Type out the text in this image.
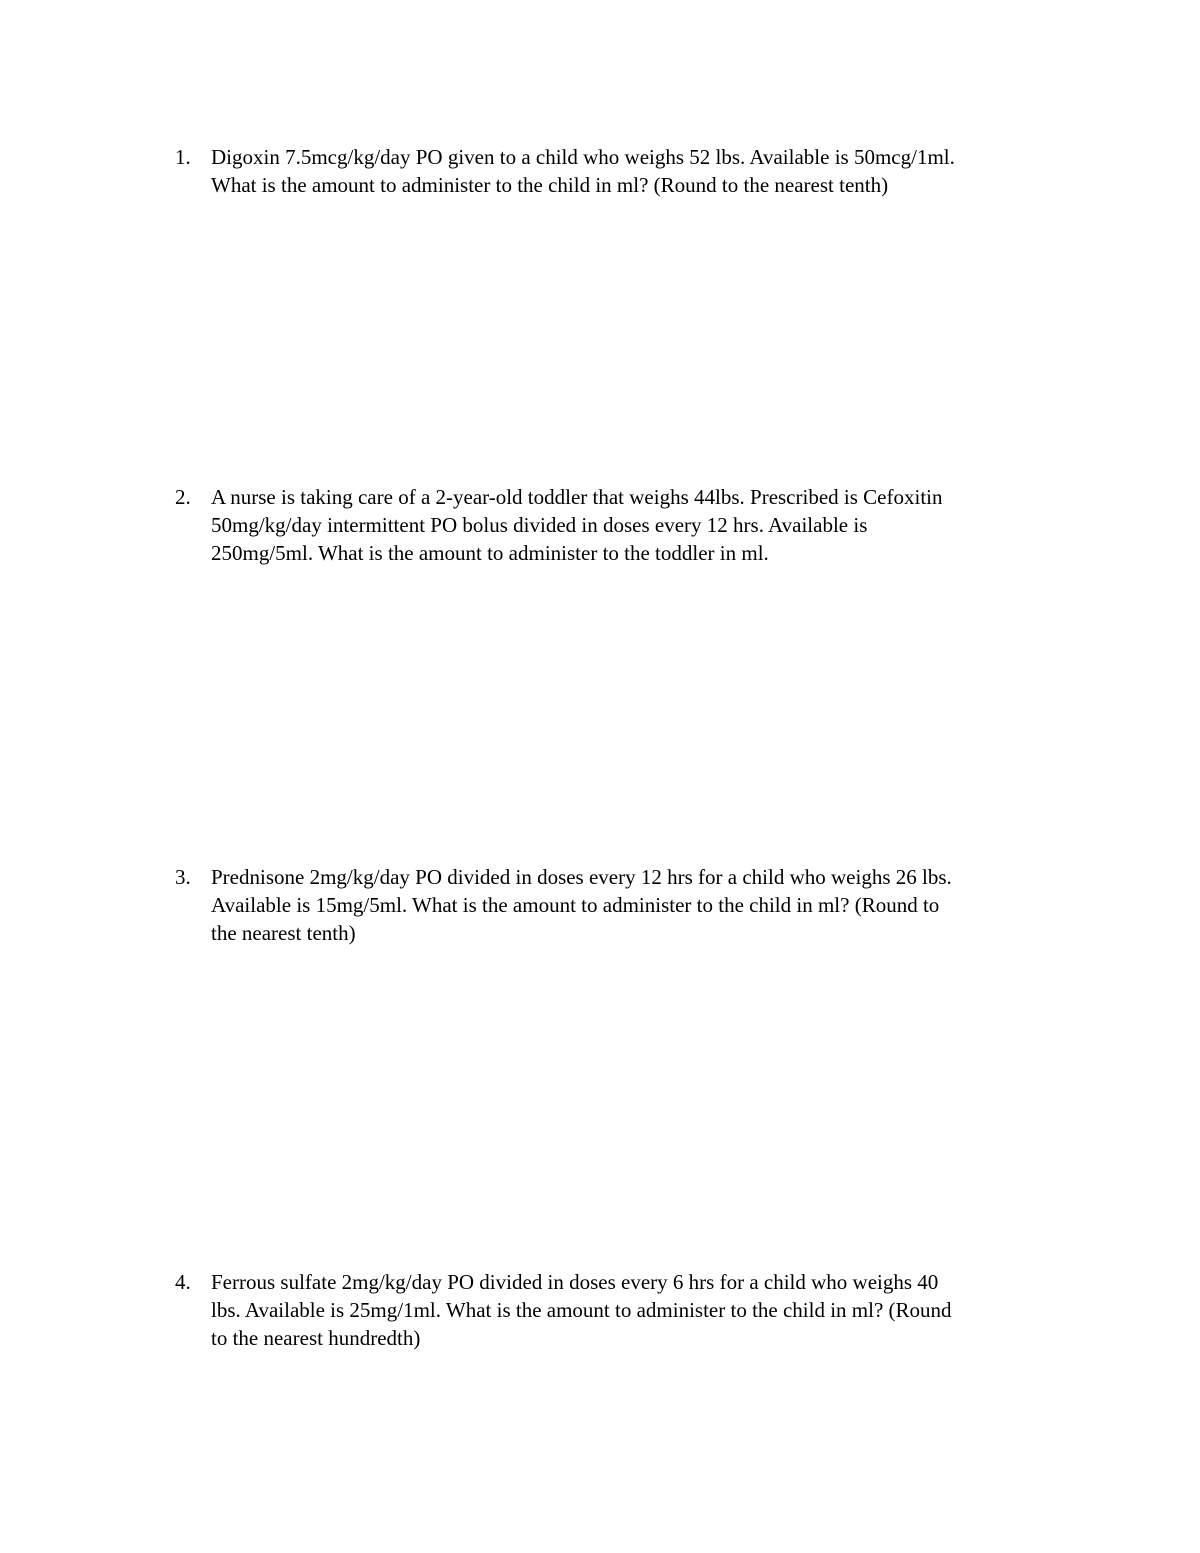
1. Digoxin 7.5mcg/kg/day PO given to a child who weighs 52 lbs. Available is 50mcg/1ml.
What is the amount to administer to the child in ml? (Round to the nearest tenth)
2. A nurse is taking care of a 2-year-old toddler that weighs 44lbs. Prescribed is Cefoxitin
50mg/kg/day intermittent PO bolus divided in doses every 12 hrs. Available is
250mg/5ml. What is the amount to administer to the toddler in ml.
3. Prednisone 2mg/kg/day PO divided in doses every 12 hrs for a child who weighs 26 lbs.
Available is 15mg/5ml. What is the amount to administer to the child in ml? (Round to
the nearest tenth)
4. Ferrous sulfate 2mg/kg/day PO divided in doses every 6 hrs for a child who weighs 40
lbs. Available is 25mg/1ml. What is the amount to administer to the child in ml? (Round
to the nearest hundredth)
